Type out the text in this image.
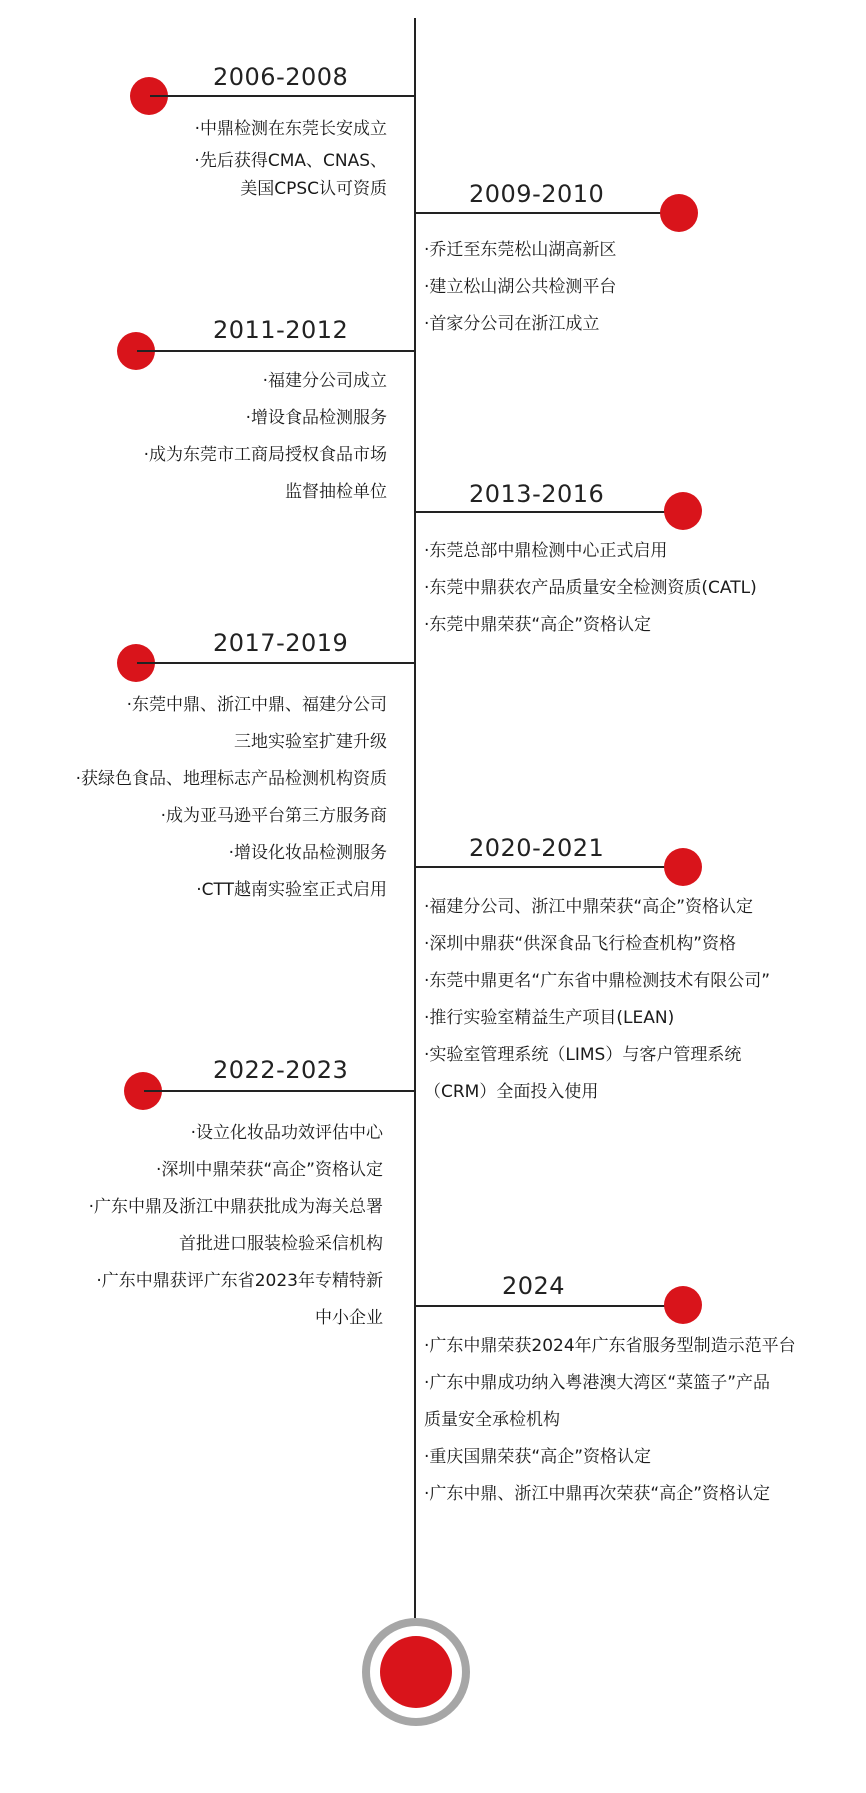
2006-2008
·中鼎检测在东莞长安成立
·先后获得CMA、CNAS、
美国CPSC认可资质	2009-2010
·乔迁至东莞松山湖高新区
·建立松山湖公共检测平台
·首家分公司在浙江成立
2011-2012
·福建分公司成立
·增设食品检测服务
·成为东莞市工商局授权食品市场
监督抽检单位	2013-2016
·东莞总部中鼎检测中心正式启用
·东莞中鼎获农产品质量安全检测资质(CATL)
·东莞中鼎荣获“高企”资格认定
2017-2019
·东莞中鼎、浙江中鼎、福建分公司
三地实验室扩建升级
·获绿色食品、地理标志产品检测机构资质
·成为亚马逊平台第三方服务商
·增设化妆品检测服务
·CTT越南实验室正式启用
2020-2021
·福建分公司、浙江中鼎荣获“高企”资格认定
·深圳中鼎获“供深食品飞行检查机构”资格
·东莞中鼎更名“广东省中鼎检测技术有限公司”
·推行实验室精益生产项目(LEAN)
·实验室管理系统（LIMS）与客户管理系统
（CRM）全面投入使用
2022-2023
·设立化妆品功效评估中心
·深圳中鼎荣获“高企”资格认定
·广东中鼎及浙江中鼎获批成为海关总署
首批进口服装检验采信机构
·广东中鼎获评广东省2023年专精特新
中小企业
2024
·广东中鼎荣获2024年广东省服务型制造示范平台
·广东中鼎成功纳入粤港澳大湾区“菜篮子”产品
质量安全承检机构
·重庆国鼎荣获“高企”资格认定
·广东中鼎、浙江中鼎再次荣获“高企”资格认定
